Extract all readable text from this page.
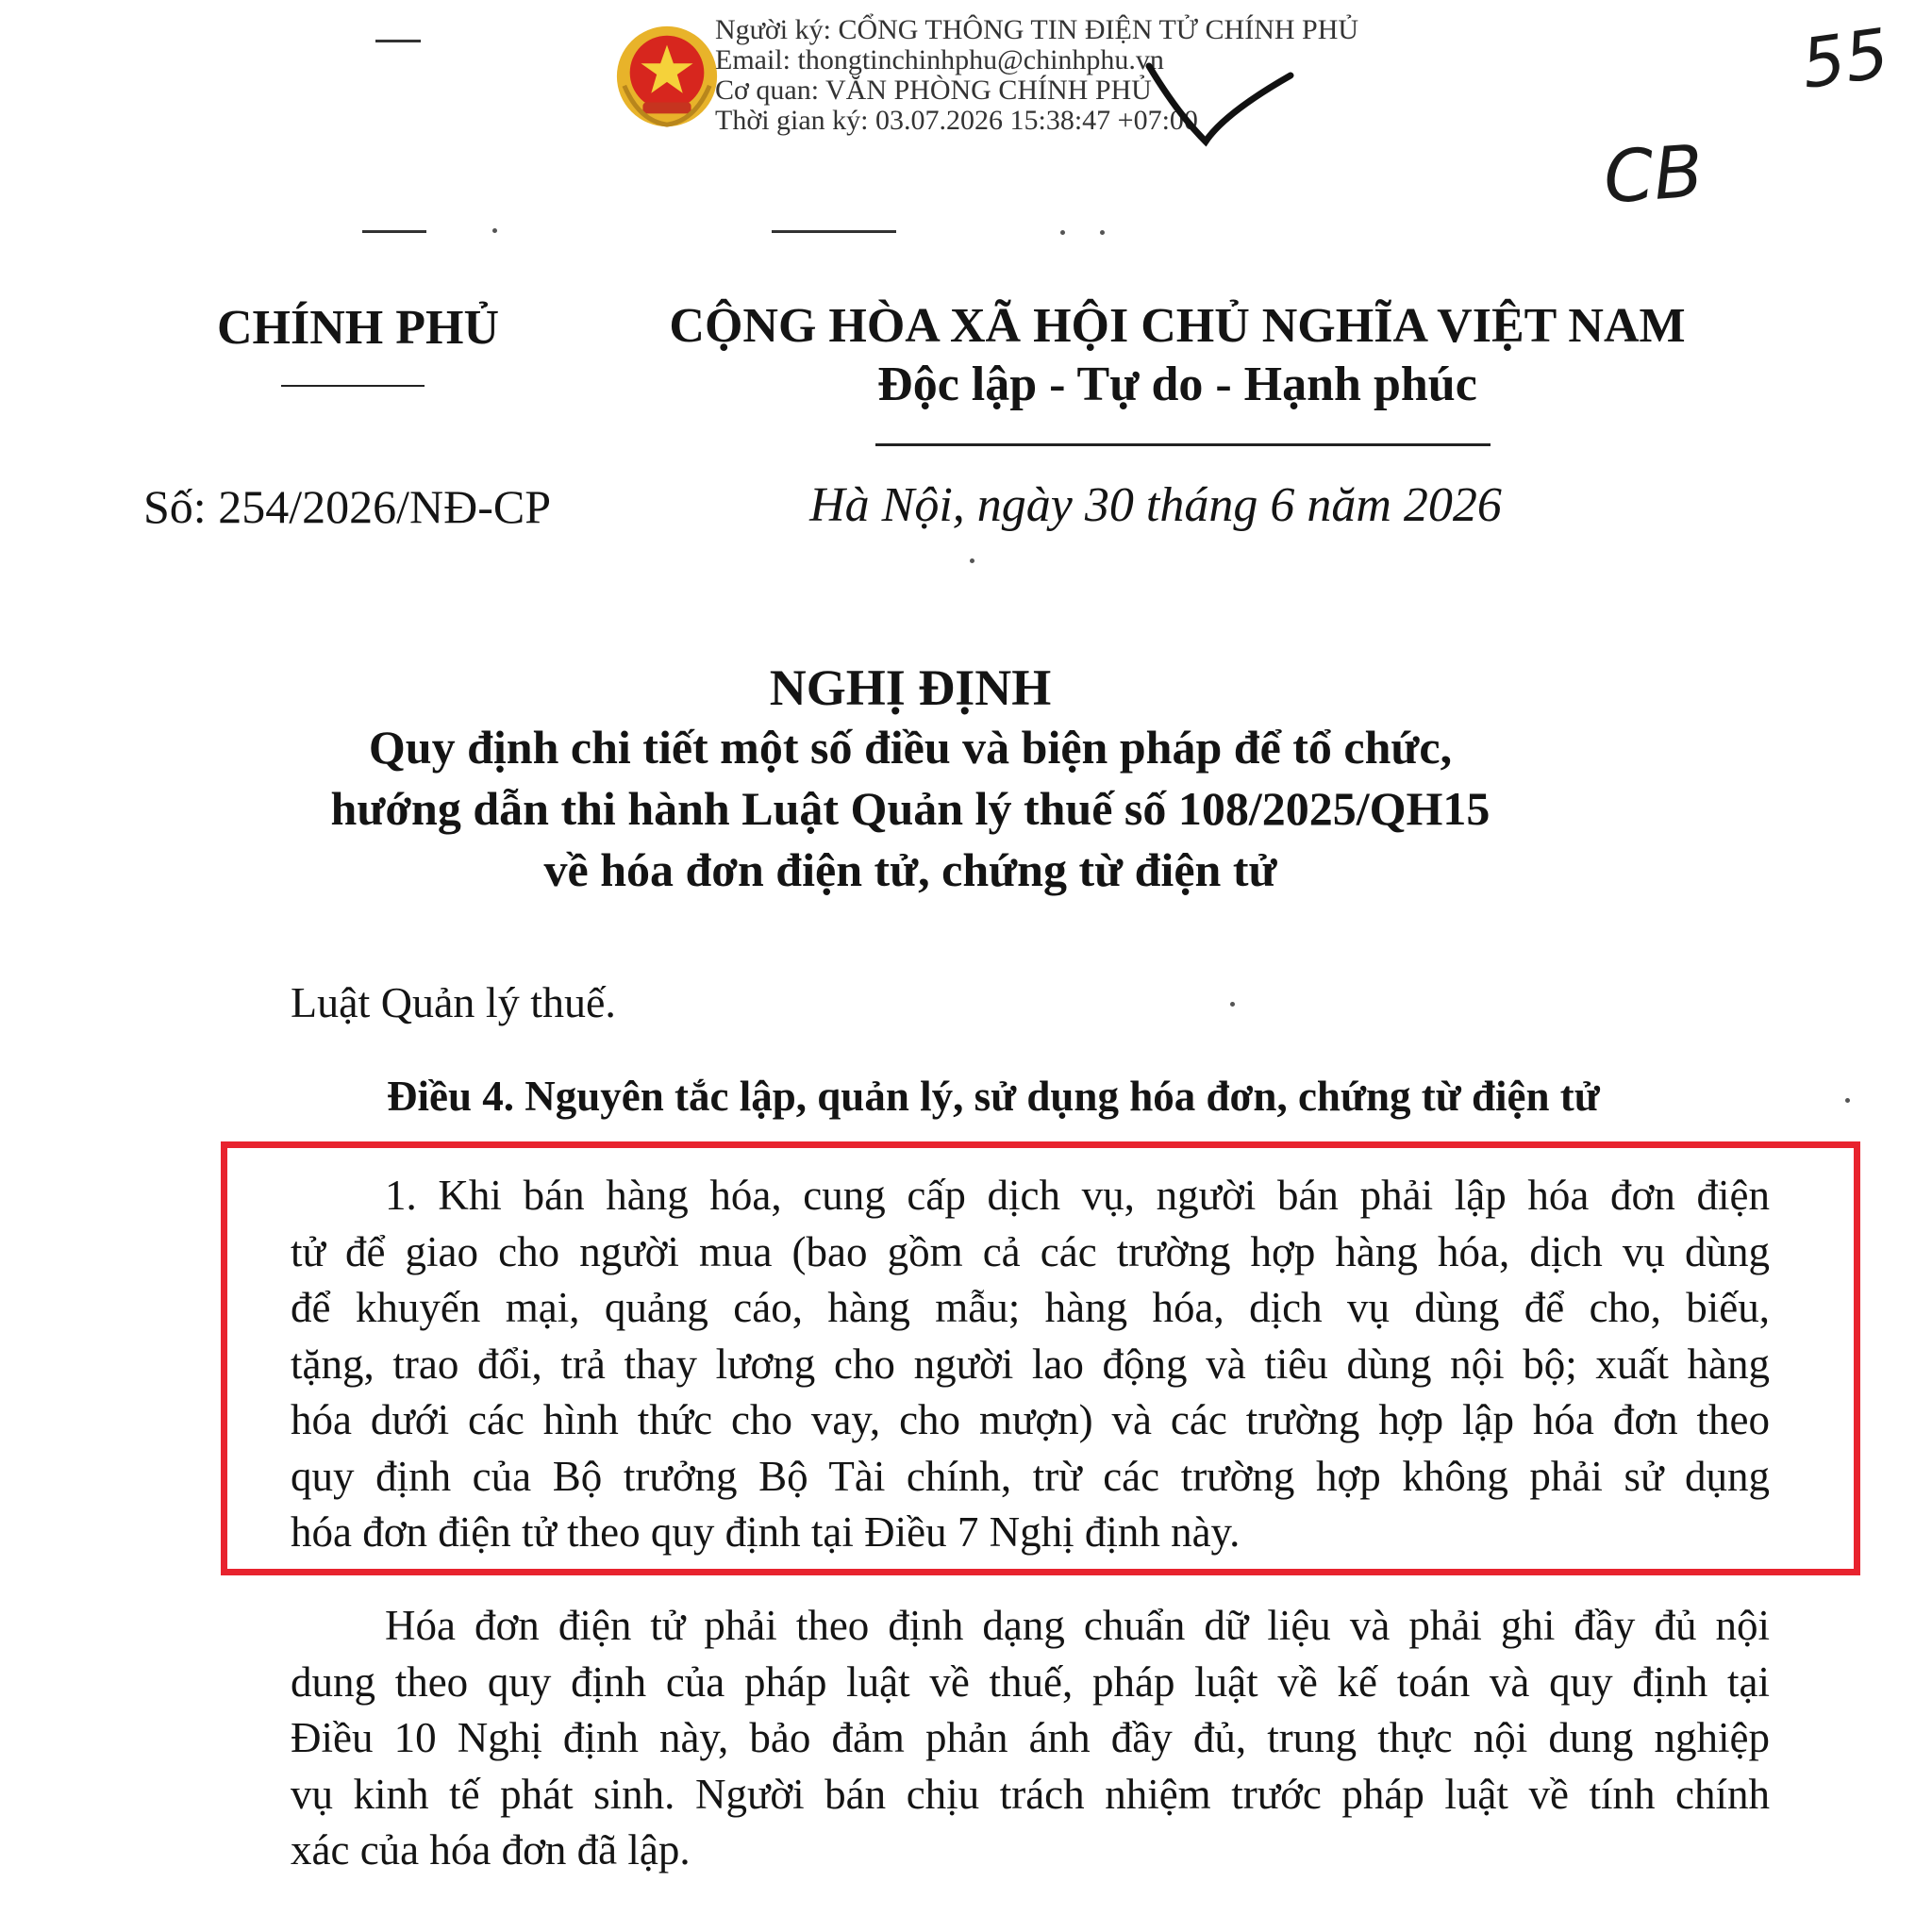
Người ký: CỔNG THÔNG TIN ĐIỆN TỬ CHÍNH PHỦ
Email: thongtinchinhphu@chinhphu.vn
Cơ quan: VĂN PHÒNG CHÍNH PHỦ
Thời gian ký: 03.07.2026 15:38:47 +07:00
55
CB
CHÍNH PHỦ	CỘNG HÒA XÃ HỘI CHỦ NGHĨA VIỆT NAM
Độc lập - Tự do - Hạnh phúc
Số: 254/2026/NĐ-CP	Hà Nội, ngày 30 tháng 6 năm 2026
NGHỊ ĐỊNH
Quy định chi tiết một số điều và biện pháp để tổ chức,
hướng dẫn thi hành Luật Quản lý thuế số 108/2025/QH15
về hóa đơn điện tử, chứng từ điện tử
Luật Quản lý thuế.
Điều 4. Nguyên tắc lập, quản lý, sử dụng hóa đơn, chứng từ điện tử
1. Khi bán hàng hóa, cung cấp dịch vụ, người bán phải lập hóa đơn điện
tử để giao cho người mua (bao gồm cả các trường hợp hàng hóa, dịch vụ dùng
để khuyến mại, quảng cáo, hàng mẫu; hàng hóa, dịch vụ dùng để cho, biếu,
tặng, trao đổi, trả thay lương cho người lao động và tiêu dùng nội bộ; xuất hàng
hóa dưới các hình thức cho vay, cho mượn) và các trường hợp lập hóa đơn theo
quy định của Bộ trưởng Bộ Tài chính, trừ các trường hợp không phải sử dụng
hóa đơn điện tử theo quy định tại Điều 7 Nghị định này.
Hóa đơn điện tử phải theo định dạng chuẩn dữ liệu và phải ghi đầy đủ nội
dung theo quy định của pháp luật về thuế, pháp luật về kế toán và quy định tại
Điều 10 Nghị định này, bảo đảm phản ánh đầy đủ, trung thực nội dung nghiệp
vụ kinh tế phát sinh. Người bán chịu trách nhiệm trước pháp luật về tính chính
xác của hóa đơn đã lập.
